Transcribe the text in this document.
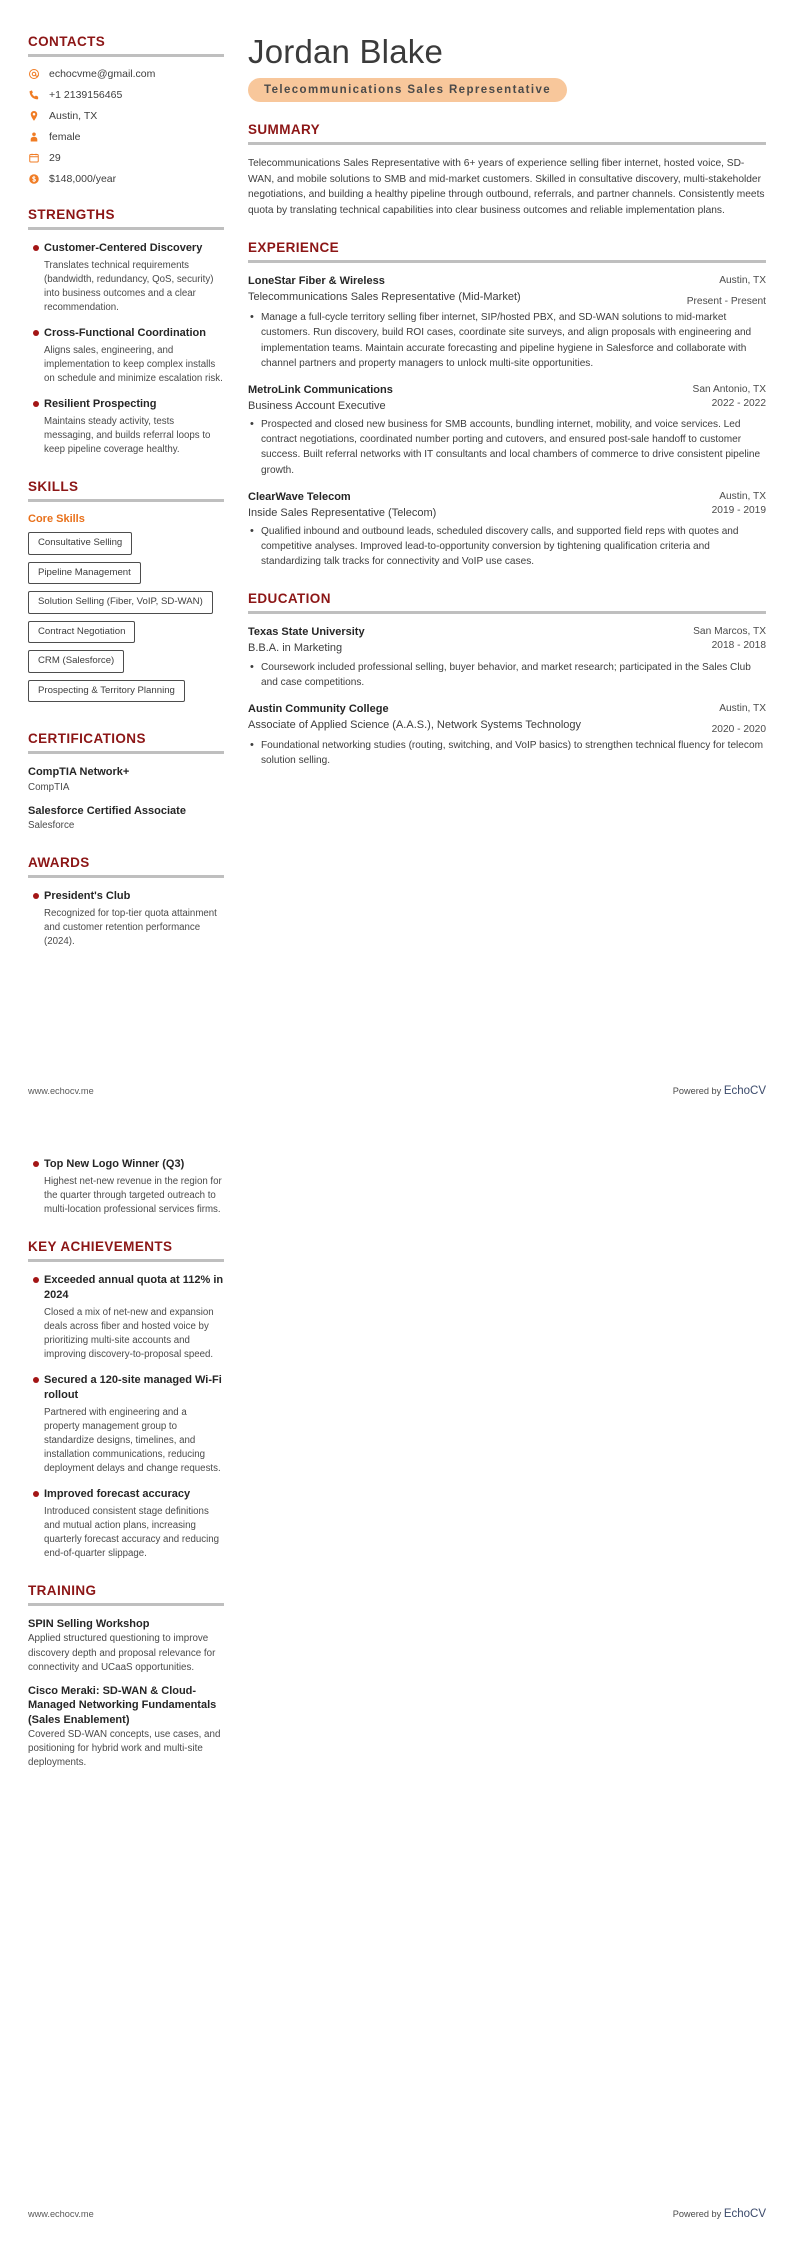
CONTACTS
echocvme@gmail.com
+1 2139156465
Austin, TX
female
29
$148,000/year
STRENGTHS
Customer-Centered Discovery
Translates technical requirements (bandwidth, redundancy, QoS, security) into business outcomes and a clear recommendation.
Cross-Functional Coordination
Aligns sales, engineering, and implementation to keep complex installs on schedule and minimize escalation risk.
Resilient Prospecting
Maintains steady activity, tests messaging, and builds referral loops to keep pipeline coverage healthy.
SKILLS
Core Skills
Consultative Selling
Pipeline Management
Solution Selling (Fiber, VoIP, SD-WAN)
Contract Negotiation
CRM (Salesforce)
Prospecting & Territory Planning
CERTIFICATIONS
CompTIA Network+
CompTIA
Salesforce Certified Associate
Salesforce
AWARDS
President's Club
Recognized for top-tier quota attainment and customer retention performance (2024).
Jordan Blake
Telecommunications Sales Representative
SUMMARY

Telecommunications Sales Representative with 6+ years of experience selling fiber internet, hosted voice, SD-WAN, and mobile solutions to SMB and mid-market customers. Skilled in consultative discovery, multi-stakeholder negotiations, and building a healthy pipeline through outbound, referrals, and partner channels. Consistently meets quota by translating technical capabilities into clear business outcomes and reliable implementation plans.

EXPERIENCE
LoneStar Fiber & Wireless
Telecommunications Sales Representative (Mid-Market)
Austin, TX
Present - Present
• Manage a full-cycle territory selling fiber internet, SIP/hosted PBX, and SD-WAN solutions to mid-market customers. Run discovery, build ROI cases, coordinate site surveys, and align proposals with engineering and implementation teams. Maintain accurate forecasting and pipeline hygiene in Salesforce and collaborate with channel partners and property managers to unlock multi-site opportunities.
MetroLink Communications
Business Account Executive
San Antonio, TX
2022 - 2022
• Prospected and closed new business for SMB accounts, bundling internet, mobility, and voice services. Led contract negotiations, coordinated number porting and cutovers, and ensured post-sale handoff to customer success. Built referral networks with IT consultants and local chambers of commerce to drive consistent pipeline growth.
ClearWave Telecom
Inside Sales Representative (Telecom)
Austin, TX
2019 - 2019
• Qualified inbound and outbound leads, scheduled discovery calls, and supported field reps with quotes and competitive analyses. Improved lead-to-opportunity conversion by tightening qualification criteria and standardizing talk tracks for connectivity and VoIP use cases.
EDUCATION
Texas State University
B.B.A. in Marketing
San Marcos, TX
2018 - 2018
• Coursework included professional selling, buyer behavior, and market research; participated in the Sales Club and case competitions.
Austin Community College
Associate of Applied Science (A.A.S.), Network Systems Technology
Austin, TX
2020 - 2020
• Foundational networking studies (routing, switching, and VoIP basics) to strengthen technical fluency for telecom solution selling.
www.echocv.me	Powered by EchoCV
Top New Logo Winner (Q3)
Highest net-new revenue in the region for the quarter through targeted outreach to multi-location professional services firms.
KEY ACHIEVEMENTS
Exceeded annual quota at 112% in 2024
Closed a mix of net-new and expansion deals across fiber and hosted voice by prioritizing multi-site accounts and improving discovery-to-proposal speed.
Secured a 120-site managed Wi-Fi rollout
Partnered with engineering and a property management group to standardize designs, timelines, and installation communications, reducing deployment delays and change requests.
Improved forecast accuracy
Introduced consistent stage definitions and mutual action plans, increasing quarterly forecast accuracy and reducing end-of-quarter slippage.
TRAINING
SPIN Selling Workshop
Applied structured questioning to improve discovery depth and proposal relevance for connectivity and UCaaS opportunities.
Cisco Meraki: SD-WAN & Cloud-Managed Networking Fundamentals (Sales Enablement)
Covered SD-WAN concepts, use cases, and positioning for hybrid work and multi-site deployments.
www.echocv.me	Powered by EchoCV
